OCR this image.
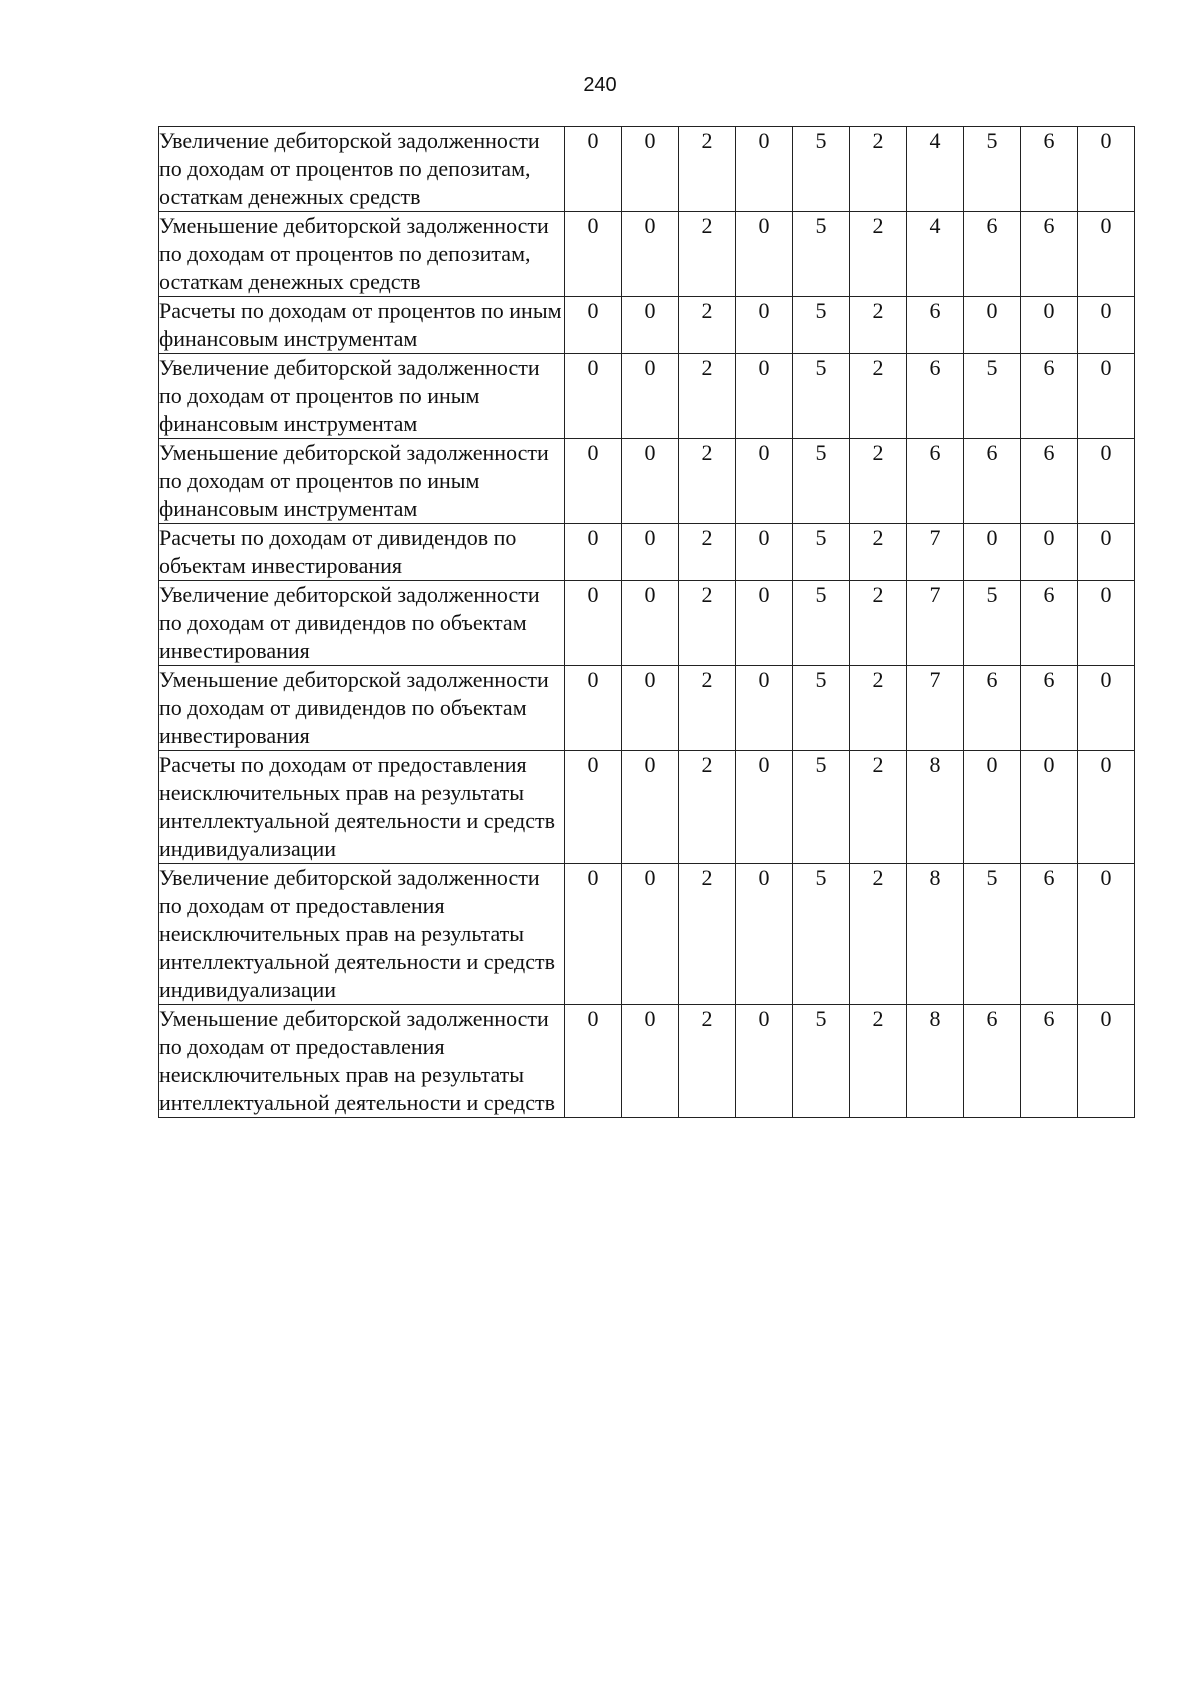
240
Увеличение дебиторской задолженности по доходам от процентов по депозитам, остаткам денежных средств	0	0	2	0	5	2	4	5	6	0
Уменьшение дебиторской задолженности по доходам от процентов по депозитам, остаткам денежных средств	0	0	2	0	5	2	4	6	6	0
Расчеты по доходам от процентов по иным финансовым инструментам	0	0	2	0	5	2	6	0	0	0
Увеличение дебиторской задолженности по доходам от процентов по иным финансовым инструментам	0	0	2	0	5	2	6	5	6	0
Уменьшение дебиторской задолженности по доходам от процентов по иным финансовым инструментам	0	0	2	0	5	2	6	6	6	0
Расчеты по доходам от дивидендов по объектам инвестирования	0	0	2	0	5	2	7	0	0	0
Увеличение дебиторской задолженности по доходам от дивидендов по объектам инвестирования	0	0	2	0	5	2	7	5	6	0
Уменьшение дебиторской задолженности по доходам от дивидендов по объектам инвестирования	0	0	2	0	5	2	7	6	6	0
Расчеты по доходам от предоставления неисключительных прав на результаты интеллектуальной деятельности и средств индивидуализации	0	0	2	0	5	2	8	0	0	0
Увеличение дебиторской задолженности по доходам от предоставления неисключительных прав на результаты интеллектуальной деятельности и средств индивидуализации	0	0	2	0	5	2	8	5	6	0
Уменьшение дебиторской задолженности по доходам от предоставления неисключительных прав на результаты интеллектуальной деятельности и средств	0	0	2	0	5	2	8	6	6	0
